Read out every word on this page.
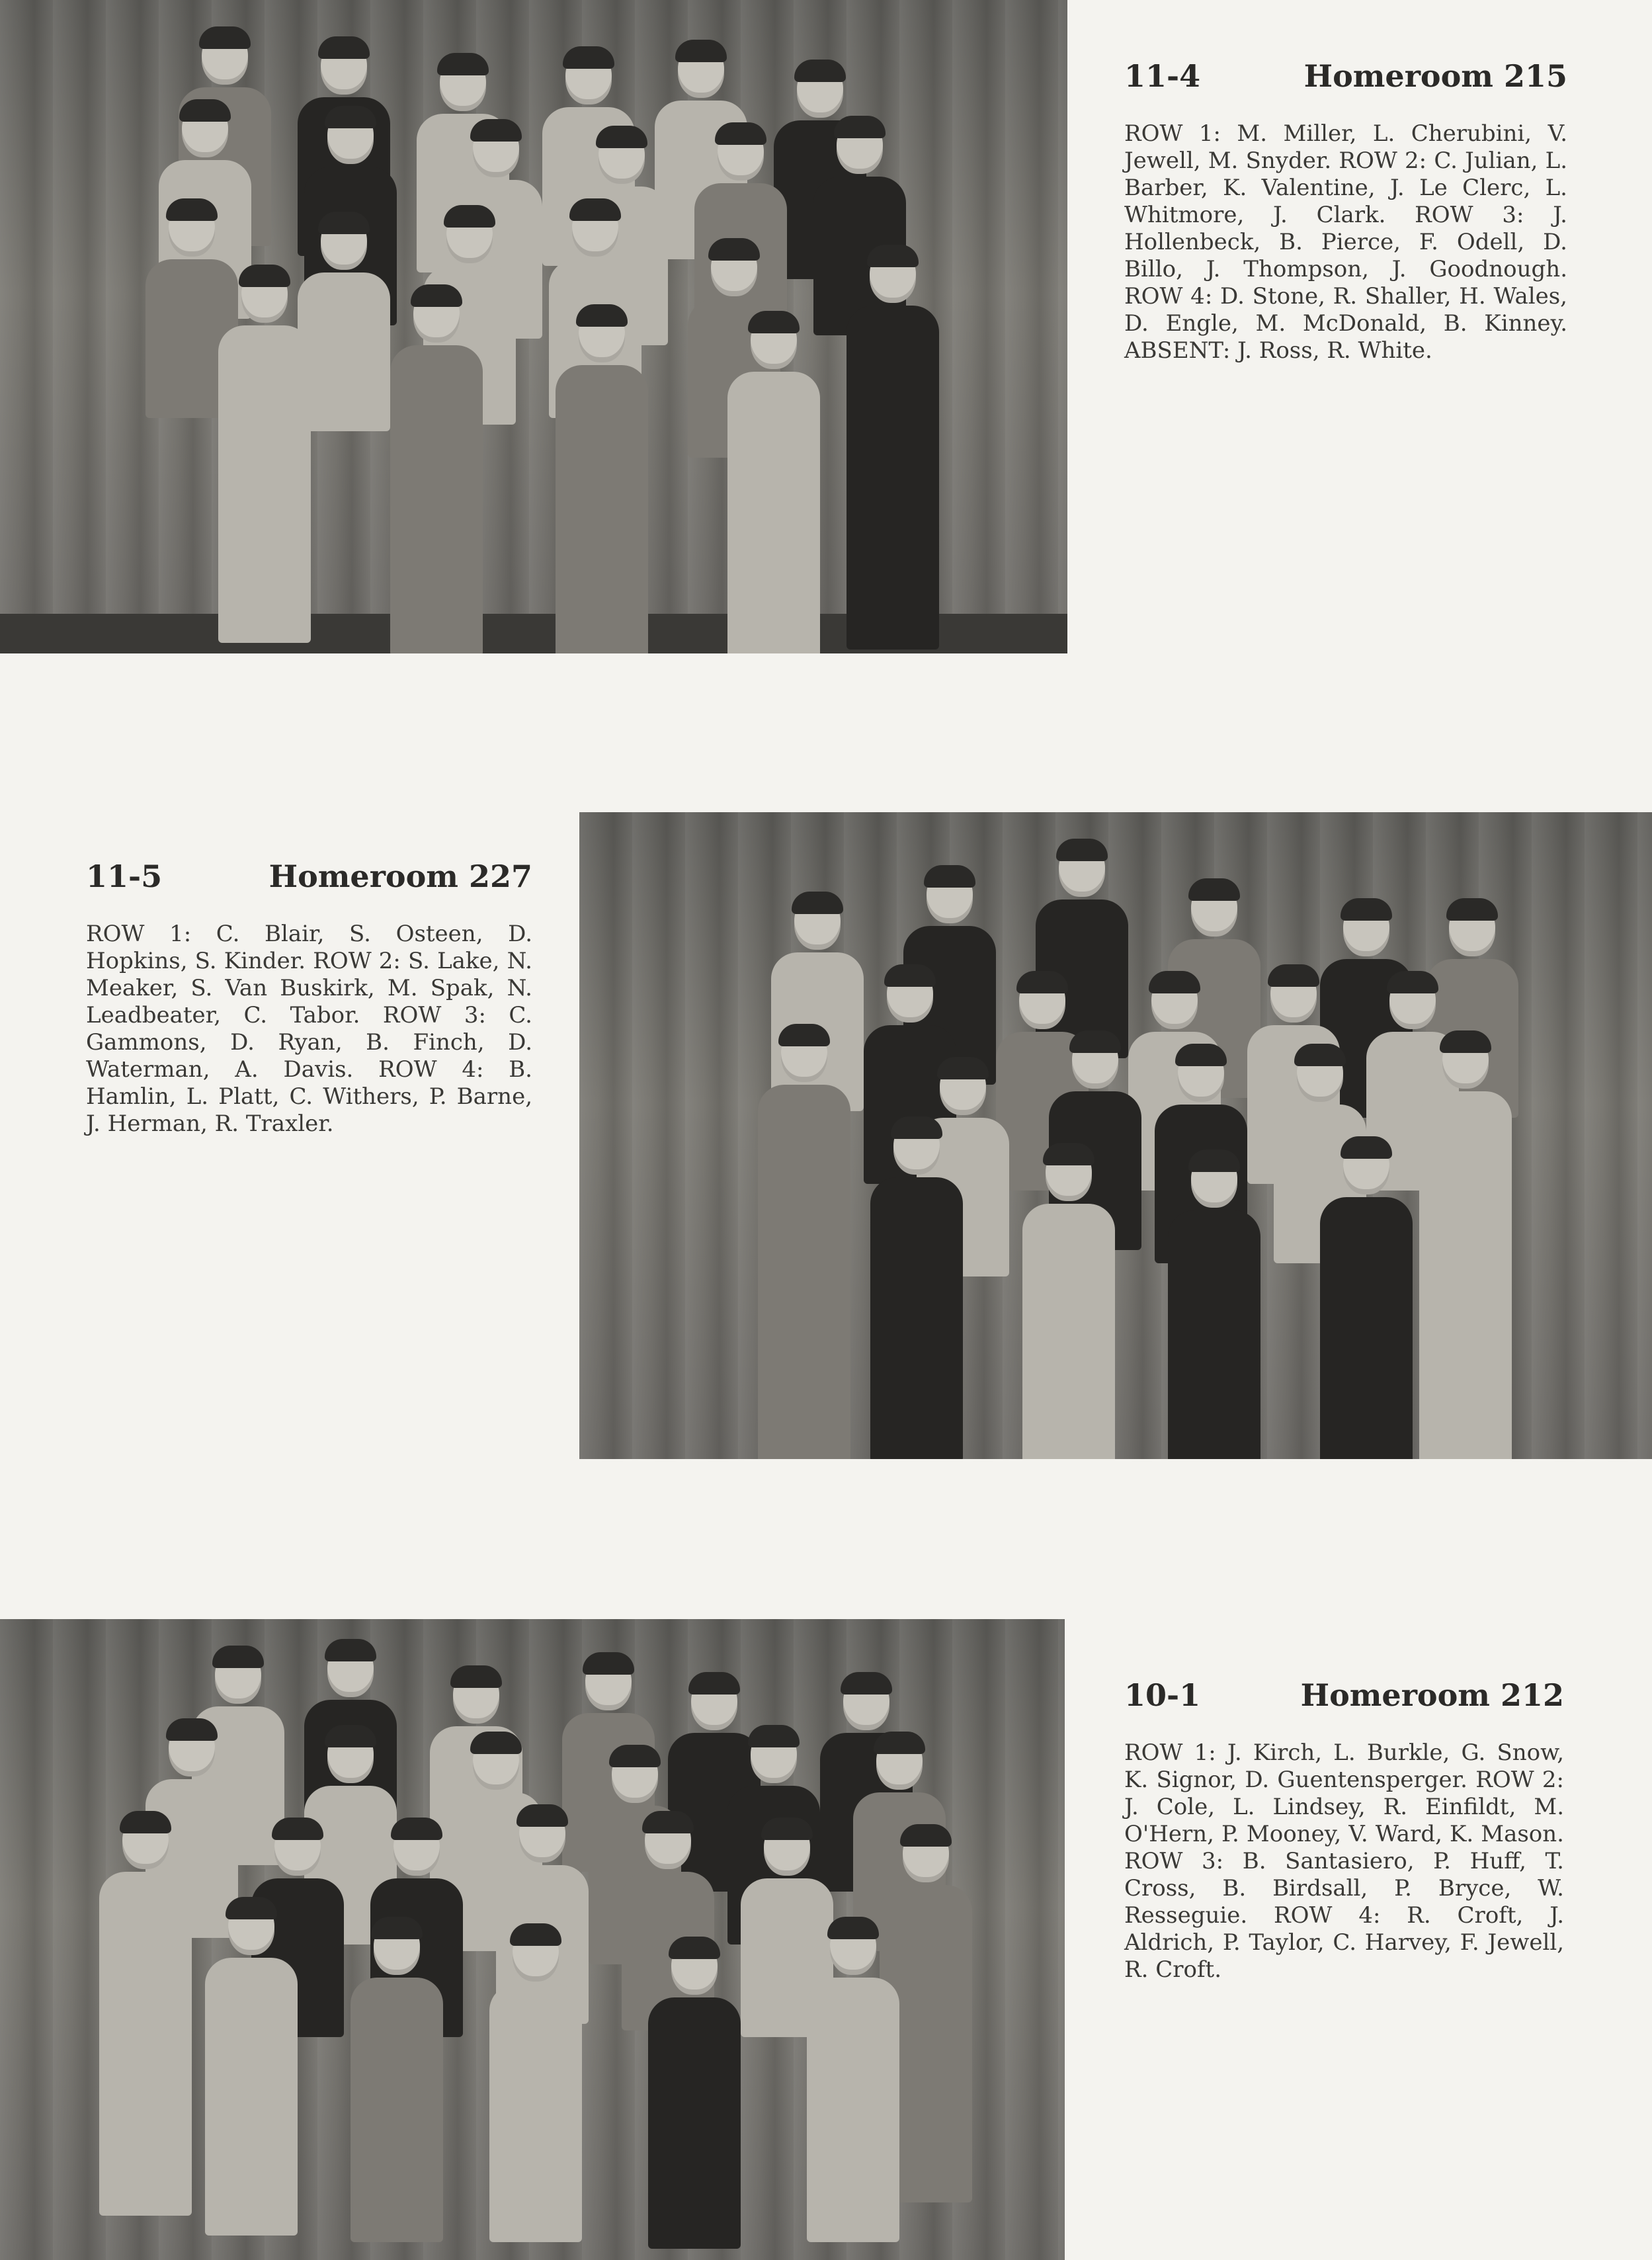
11-4	Homeroom 215
ROW 1: M. Miller, L. Cherubini, V. Jewell, M. Snyder. ROW 2: C. Julian, L. Barber, K. Valentine, J. Le Clerc, L. Whitmore, J. Clark. ROW 3: J. Hollenbeck, B. Pierce, F. Odell, D. Billo, J. Thompson, J. Goodnough. ROW 4: D. Stone, R. Shaller, H. Wales, D. Engle, M. McDonald, B. Kinney. ABSENT: J. Ross, R. White.
11-5	Homeroom 227
ROW 1: C. Blair, S. Osteen, D. Hopkins, S. Kinder. ROW 2: S. Lake, N. Meaker, S. Van Buskirk, M. Spak, N. Leadbeater, C. Tabor. ROW 3: C. Gammons, D. Ryan, B. Finch, D. Waterman, A. Davis. ROW 4: B. Hamlin, L. Platt, C. Withers, P. Barne, J. Herman, R. Traxler.
10-1	Homeroom 212
ROW 1: J. Kirch, L. Burkle, G. Snow, K. Signor, D. Guentensperger. ROW 2: J. Cole, L. Lindsey, R. Einfildt, M. O'Hern, P. Mooney, V. Ward, K. Mason. ROW 3: B. Santasiero, P. Huff, T. Cross, B. Birdsall, P. Bryce, W. Resseguie. ROW 4: R. Croft, J. Aldrich, P. Taylor, C. Harvey, F. Jewell, R. Croft.
